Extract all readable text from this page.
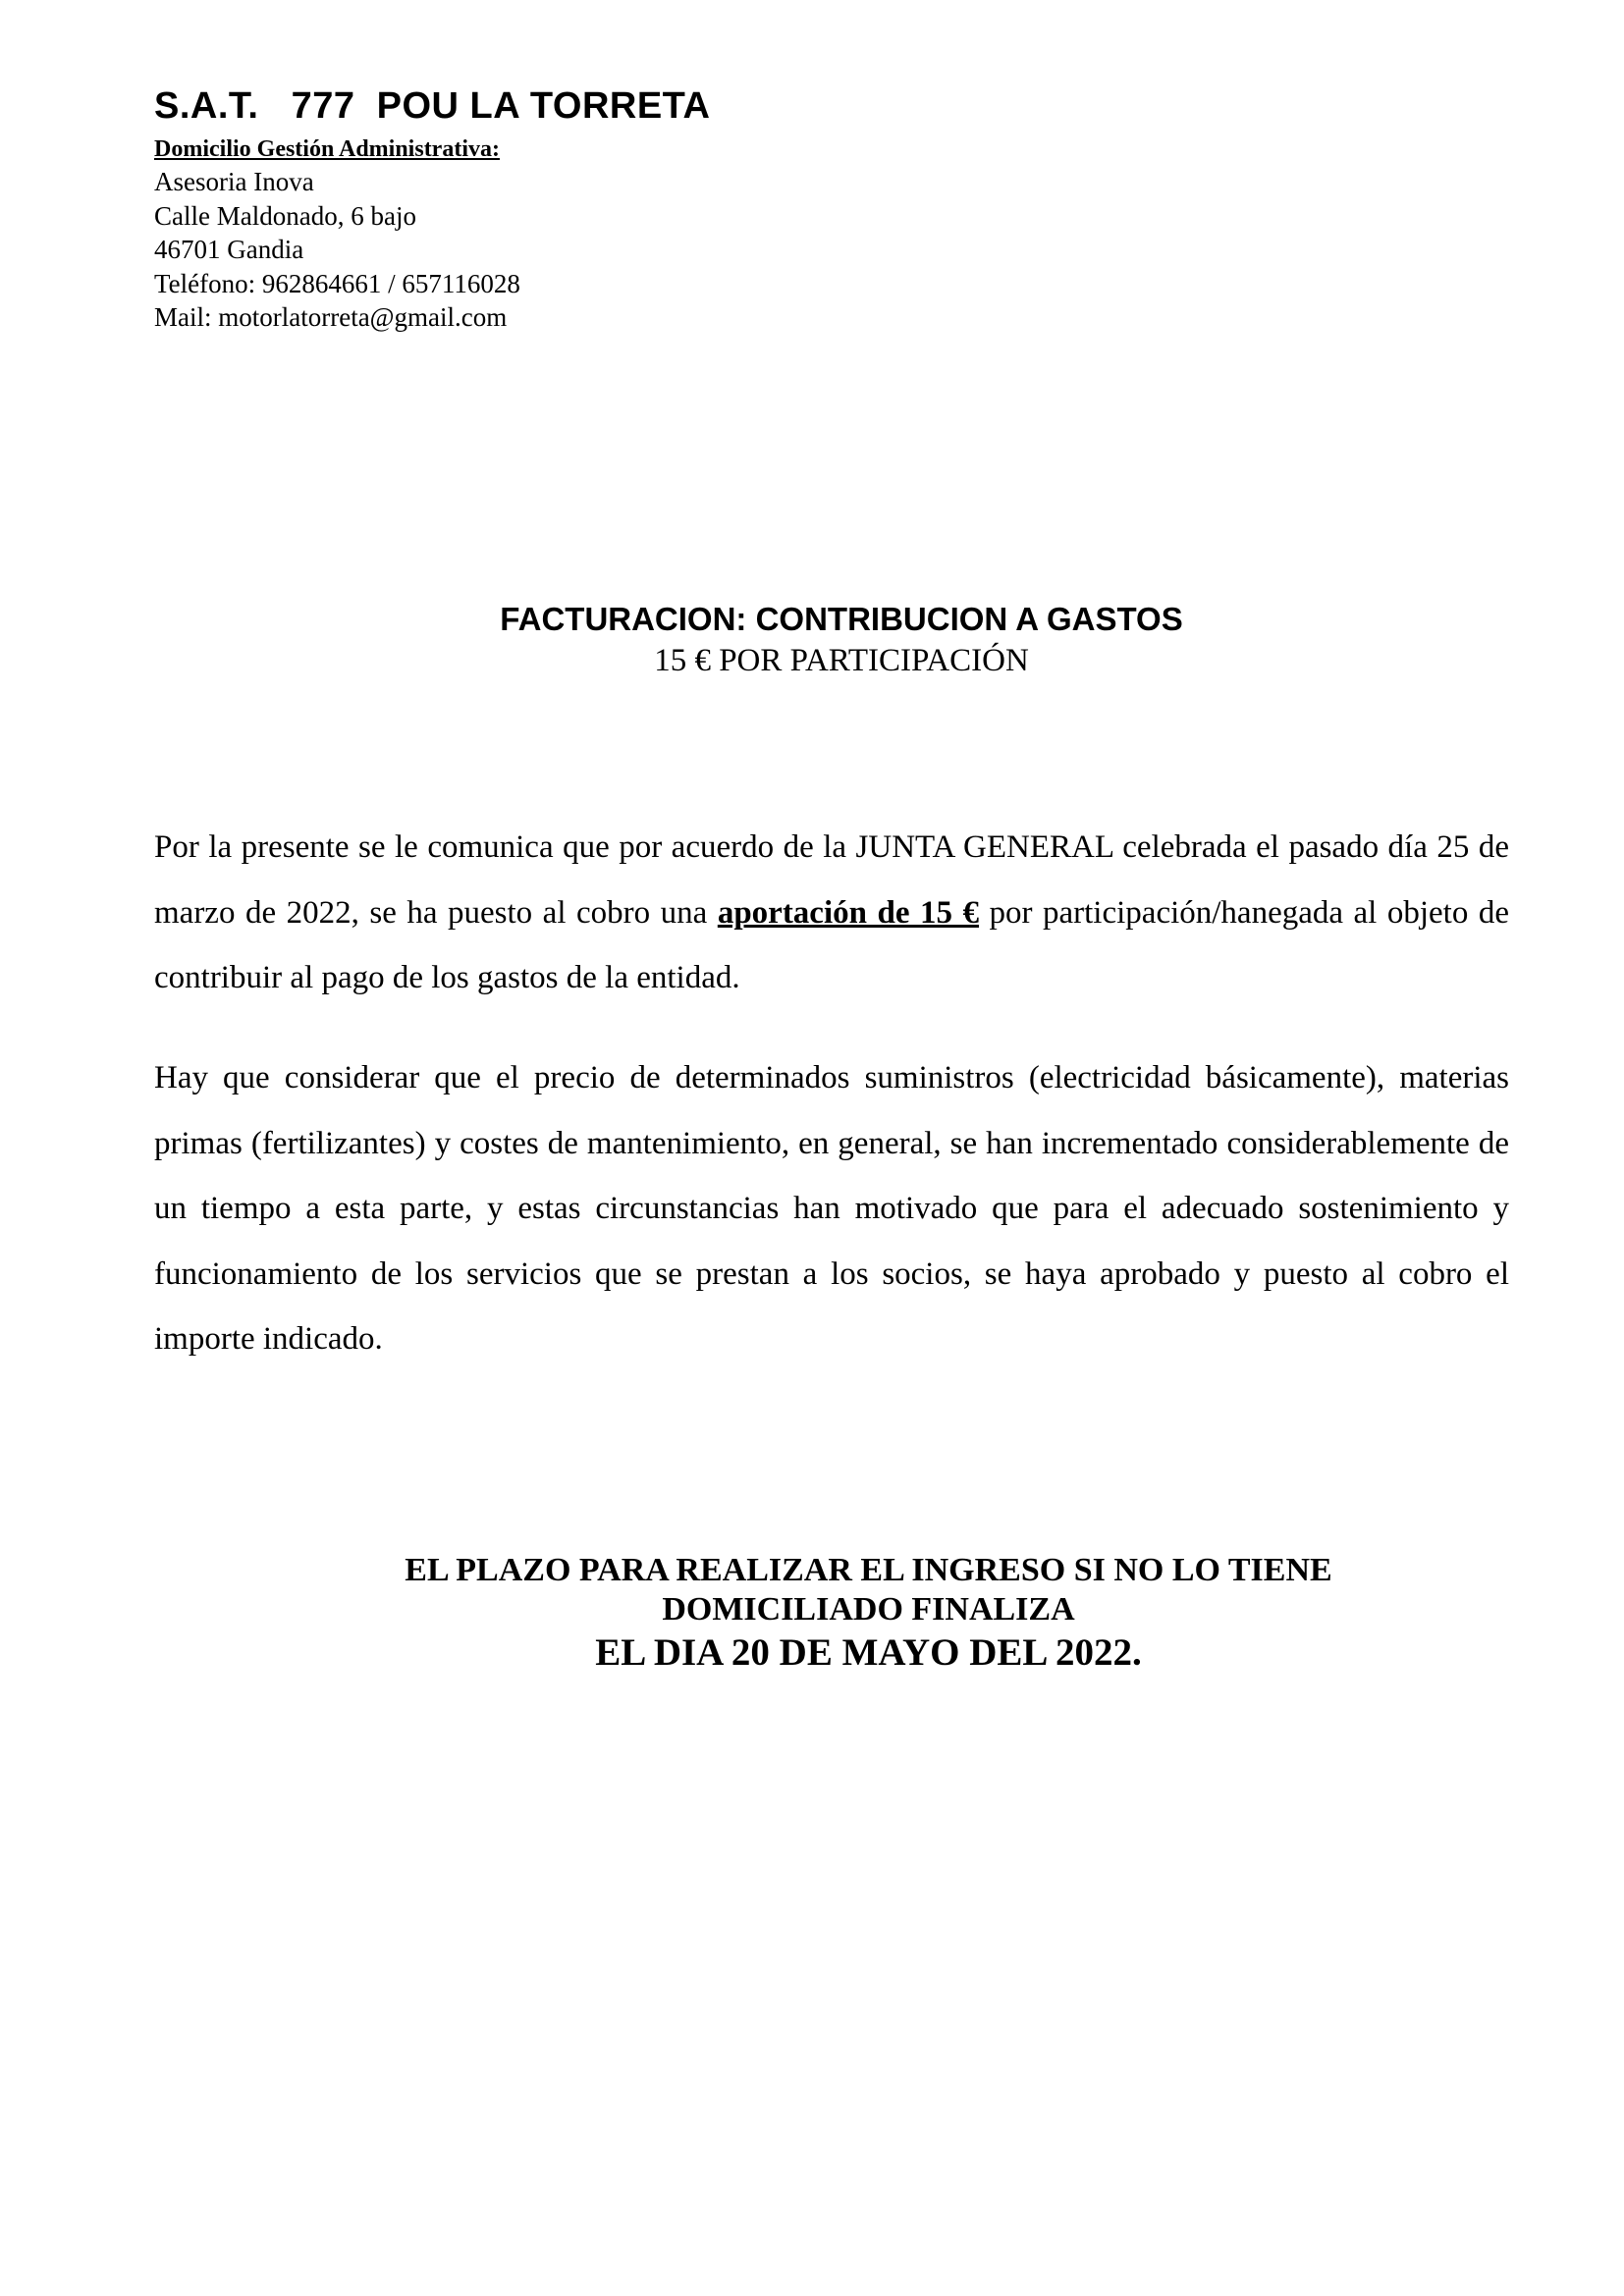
S.A.T.   777  POU LA TORRETA
Domicilio Gestión Administrativa:
Asesoria Inova
Calle Maldonado, 6 bajo
46701 Gandia
Teléfono: 962864661 / 657116028
Mail: motorlatorreta@gmail.com
FACTURACION: CONTRIBUCION A GASTOS
15 € POR PARTICIPACIÓN
Por la presente se le comunica que por acuerdo de la JUNTA GENERAL celebrada el pasado día 25 de marzo de 2022, se ha puesto al cobro una aportación de 15 € por participación/hanegada al objeto de contribuir al pago de los gastos de la entidad.
Hay que considerar que el precio de determinados suministros (electricidad básicamente), materias primas (fertilizantes) y costes de mantenimiento, en general, se han incrementado considerablemente de un tiempo a esta parte, y estas circunstancias han motivado que para el adecuado sostenimiento y funcionamiento de los servicios que se prestan a los socios, se haya aprobado y puesto al cobro el importe indicado.
EL PLAZO PARA REALIZAR EL INGRESO SI NO LO TIENE
DOMICILIADO FINALIZA
EL DIA 20 DE MAYO DEL 2022.
